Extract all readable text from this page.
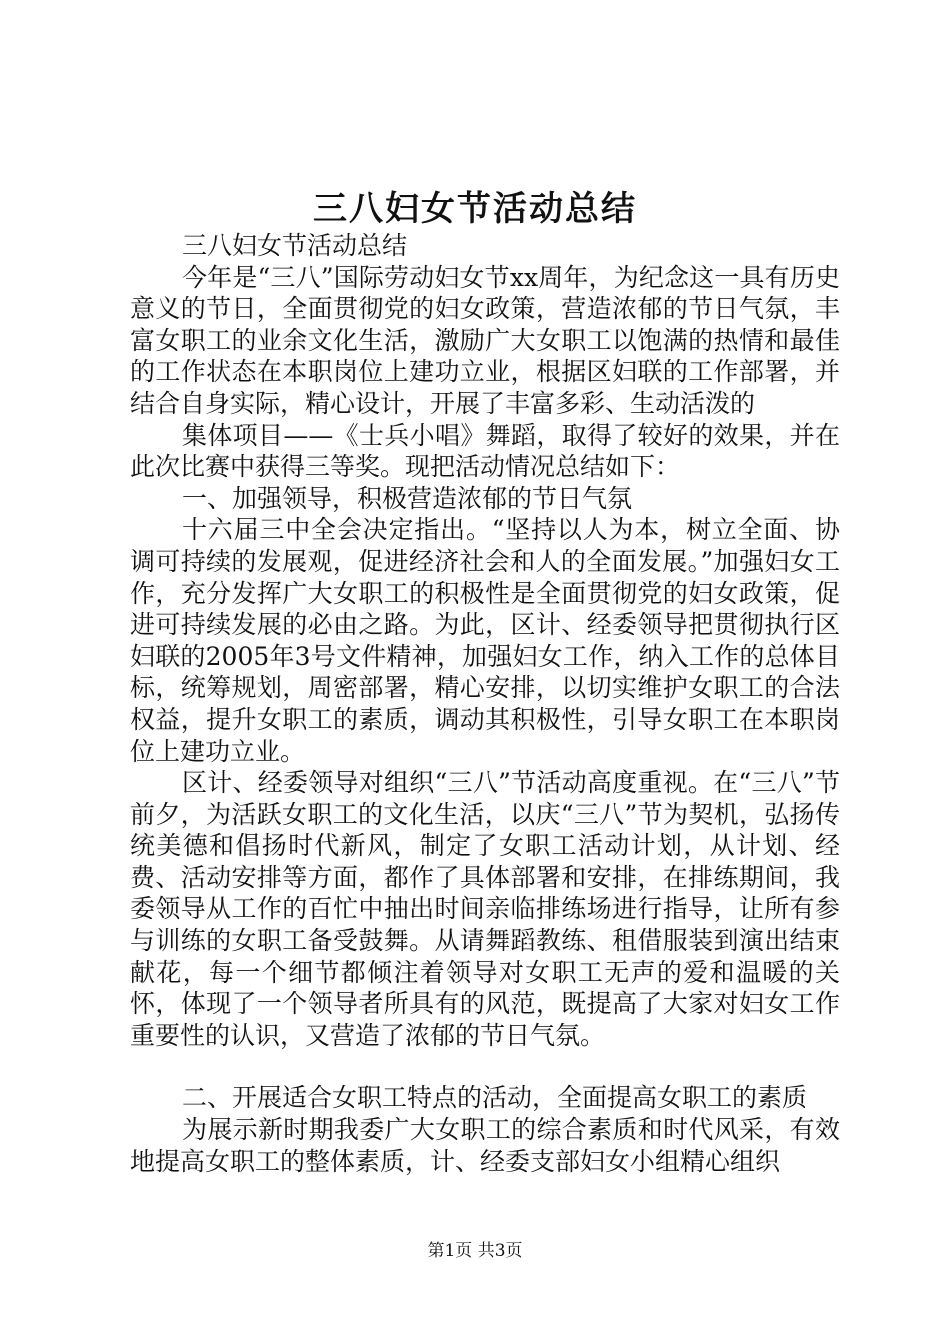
三八妇女节活动总结

三八妇女节活动总结

今年是“三八”国际劳动妇女节xx周年，为纪念这一具有历史意义的节日，全面贯彻党的妇女政策，营造浓郁的节日气氛，丰富女职工的业余文化生活，激励广大女职工以饱满的热情和最佳的工作状态在本职岗位上建功立业，根据区妇联的工作部署，并结合自身实际，精心设计，开展了丰富多彩、生动活泼的

集体项目——《士兵小唱》舞蹈，取得了较好的效果，并在此次比赛中获得三等奖。现把活动情况总结如下：

一、加强领导，积极营造浓郁的节日气氛

十六届三中全会决定指出。“坚持以人为本，树立全面、协调可持续的发展观，促进经济社会和人的全面发展。”加强妇女工作，充分发挥广大女职工的积极性是全面贯彻党的妇女政策，促进可持续发展的必由之路。为此，区计、经委领导把贯彻执行区妇联的2005年3号文件精神，加强妇女工作，纳入工作的总体目标，统筹规划，周密部署，精心安排，以切实维护女职工的合法权益，提升女职工的素质，调动其积极性，引导女职工在本职岗位上建功立业。

区计、经委领导对组织“三八”节活动高度重视。在“三八”节前夕，为活跃女职工的文化生活，以庆“三八”节为契机，弘扬传统美德和倡扬时代新风，制定了女职工活动计划，从计划、经费、活动安排等方面，都作了具体部署和安排，在排练期间，我委领导从工作的百忙中抽出时间亲临排练场进行指导，让所有参与训练的女职工备受鼓舞。从请舞蹈教练、租借服装到演出结束献花，每一个细节都倾注着领导对女职工无声的爱和温暖的关怀，体现了一个领导者所具有的风范，既提高了大家对妇女工作重要性的认识，又营造了浓郁的节日气氛。

二、开展适合女职工特点的活动，全面提高女职工的素质

为展示新时期我委广大女职工的综合素质和时代风采，有效地提高女职工的整体素质，计、经委支部妇女小组精心组织

第1页 共3页
